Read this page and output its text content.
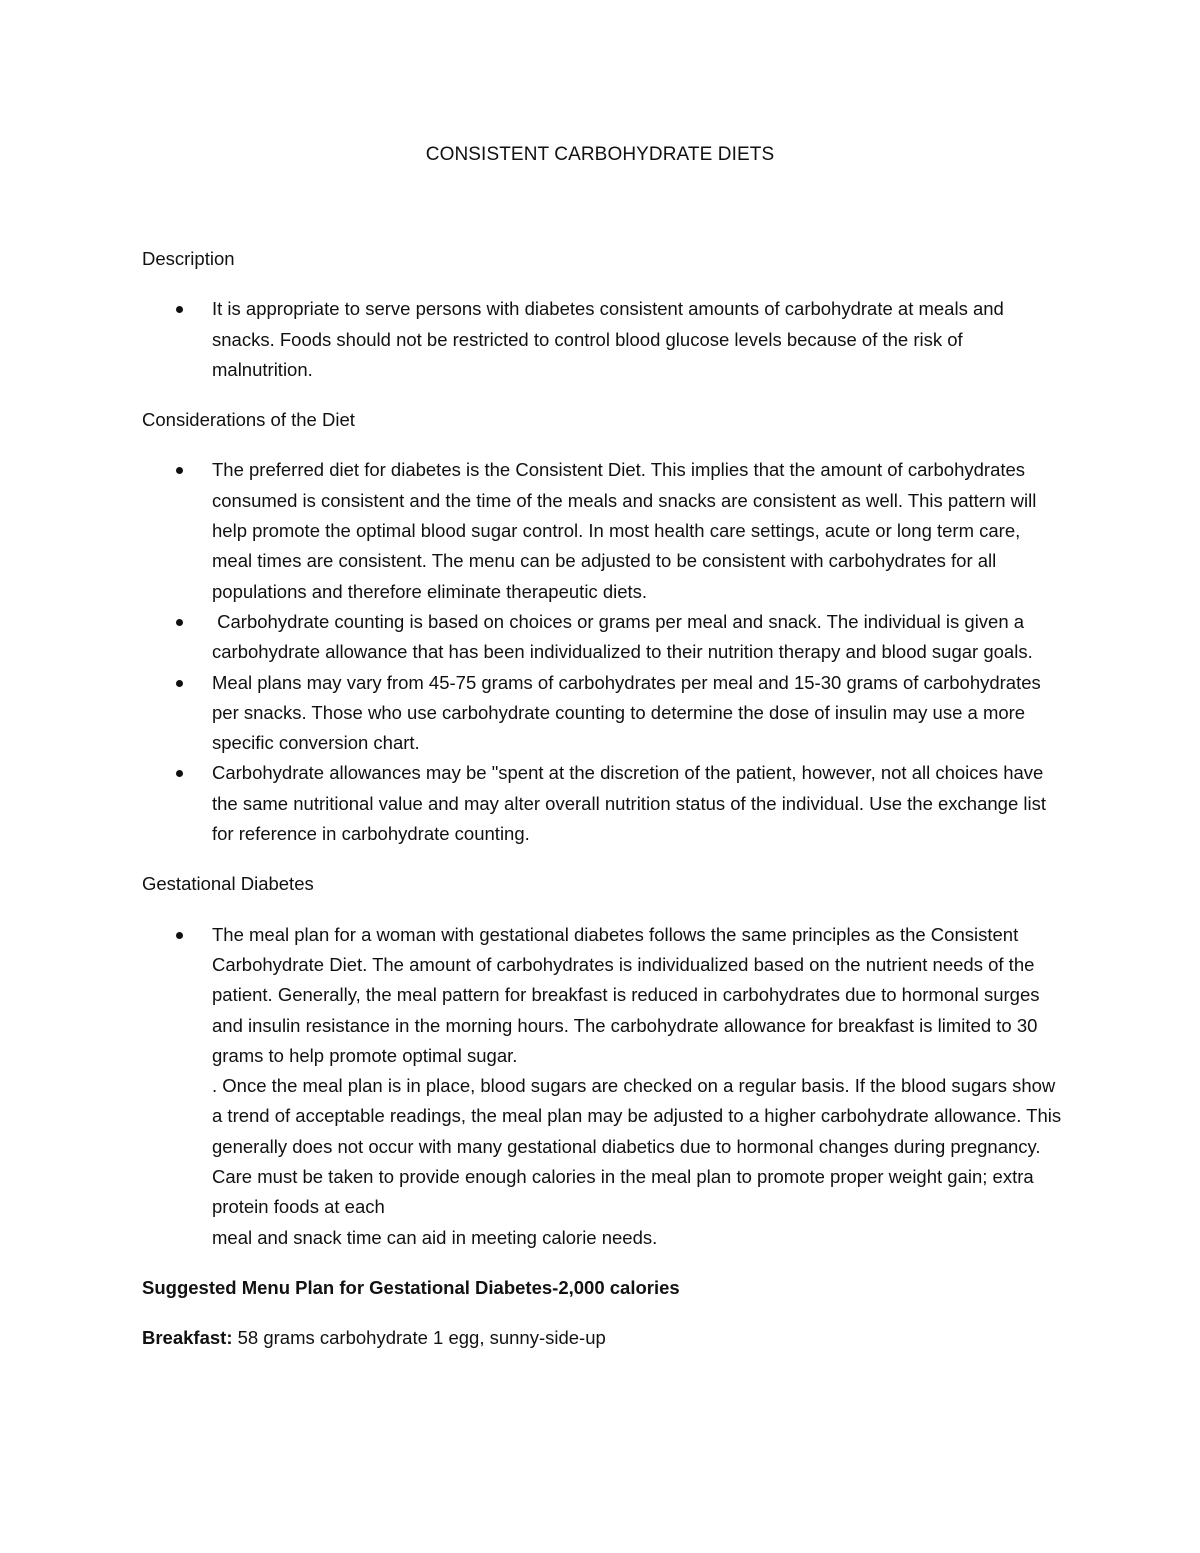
CONSISTENT CARBOHYDRATE DIETS

Description

It is appropriate to serve persons with diabetes consistent amounts of carbohydrate at meals and snacks. Foods should not be restricted to control blood glucose levels because of the risk of malnutrition.

Considerations of the Diet

The preferred diet for diabetes is the Consistent Diet. This implies that the amount of carbohydrates consumed is consistent and the time of the meals and snacks are consistent as well. This pattern will help promote the optimal blood sugar control. In most health care settings, acute or long term care, meal times are consistent. The menu can be adjusted to be consistent with carbohydrates for all populations and therefore eliminate therapeutic diets.
Carbohydrate counting is based on choices or grams per meal and snack. The individual is given a carbohydrate allowance that has been individualized to their nutrition therapy and blood sugar goals.
Meal plans may vary from 45-75 grams of carbohydrates per meal and 15-30 grams of carbohydrates per snacks. Those who use carbohydrate counting to determine the dose of insulin may use a more specific conversion chart.
Carbohydrate allowances may be "spent at the discretion of the patient, however, not all choices have the same nutritional value and may alter overall nutrition status of the individual. Use the exchange list for reference in carbohydrate counting.

Gestational Diabetes

The meal plan for a woman with gestational diabetes follows the same principles as the Consistent Carbohydrate Diet. The amount of carbohydrates is individualized based on the nutrient needs of the patient. Generally, the meal pattern for breakfast is reduced in carbohydrates due to hormonal surges and insulin resistance in the morning hours. The carbohydrate allowance for breakfast is limited to 30 grams to help promote optimal sugar.
. Once the meal plan is in place, blood sugars are checked on a regular basis. If the blood sugars show a trend of acceptable readings, the meal plan may be adjusted to a higher carbohydrate allowance. This generally does not occur with many gestational diabetics due to hormonal changes during pregnancy. Care must be taken to provide enough calories in the meal plan to promote proper weight gain; extra protein foods at each
meal and snack time can aid in meeting calorie needs.

Suggested Menu Plan for Gestational Diabetes-2,000 calories

Breakfast: 58 grams carbohydrate 1 egg, sunny-side-up
